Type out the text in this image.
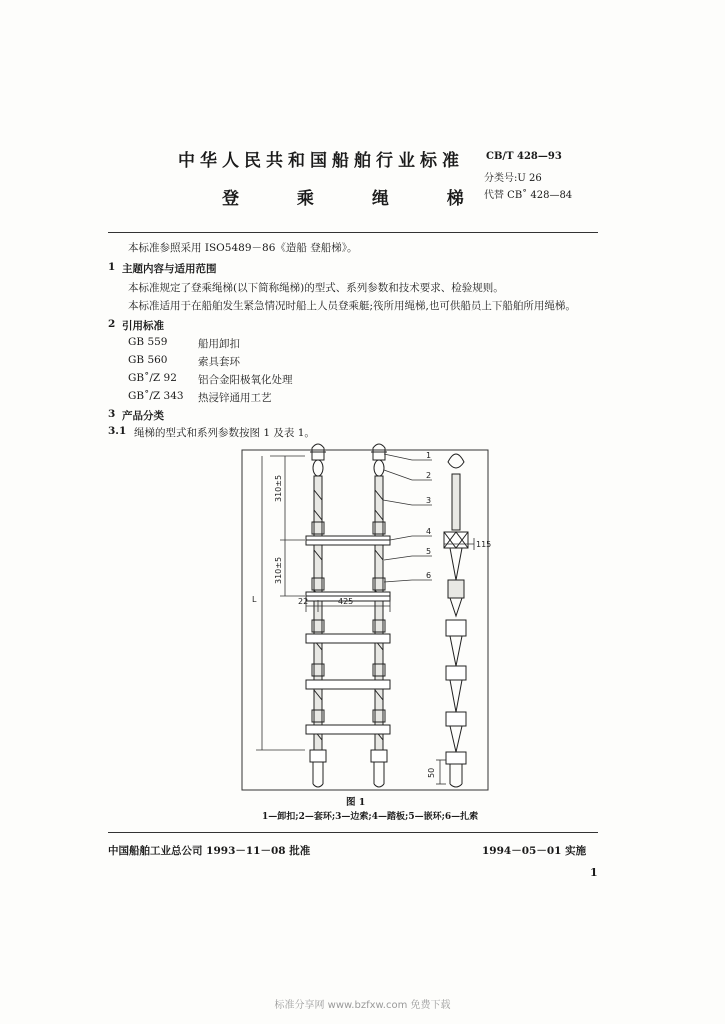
中华人民共和国船舶行业标准
登 乘 绳 梯
CB/T 428—93
分类号:U 26
代替 CB˚ 428—84
本标准参照采用 ISO5489－86《造船 登船梯》。
1 主题内容与适用范围
本标准规定了登乘绳梯(以下简称绳梯)的型式、系列参数和技术要求、检验规则。
本标准适用于在船舶发生紧急情况时船上人员登乘艇;筏所用绳梯,也可供船员上下船舶所用绳梯。
2 引用标准
GB 559	船用卸扣
GB 560	索具套环
GB˚/Z 92 铝合金阳极氧化处理
GB˚/Z 343 热浸锌通用工艺
3 产品分类
3.1 绳梯的型式和系列参数按图 1 及表 1。
310±5
310±5
L	22	425
115
50
1
2
3
4
5
6
图 1
1—卸扣;2—套环;3—边索;4—踏板;5—嵌环;6—扎索
中国船舶工业总公司 1993－11－08 批准	1994－05－01 实施
1
标准分享网 www.bzfxw.com 免费下载
